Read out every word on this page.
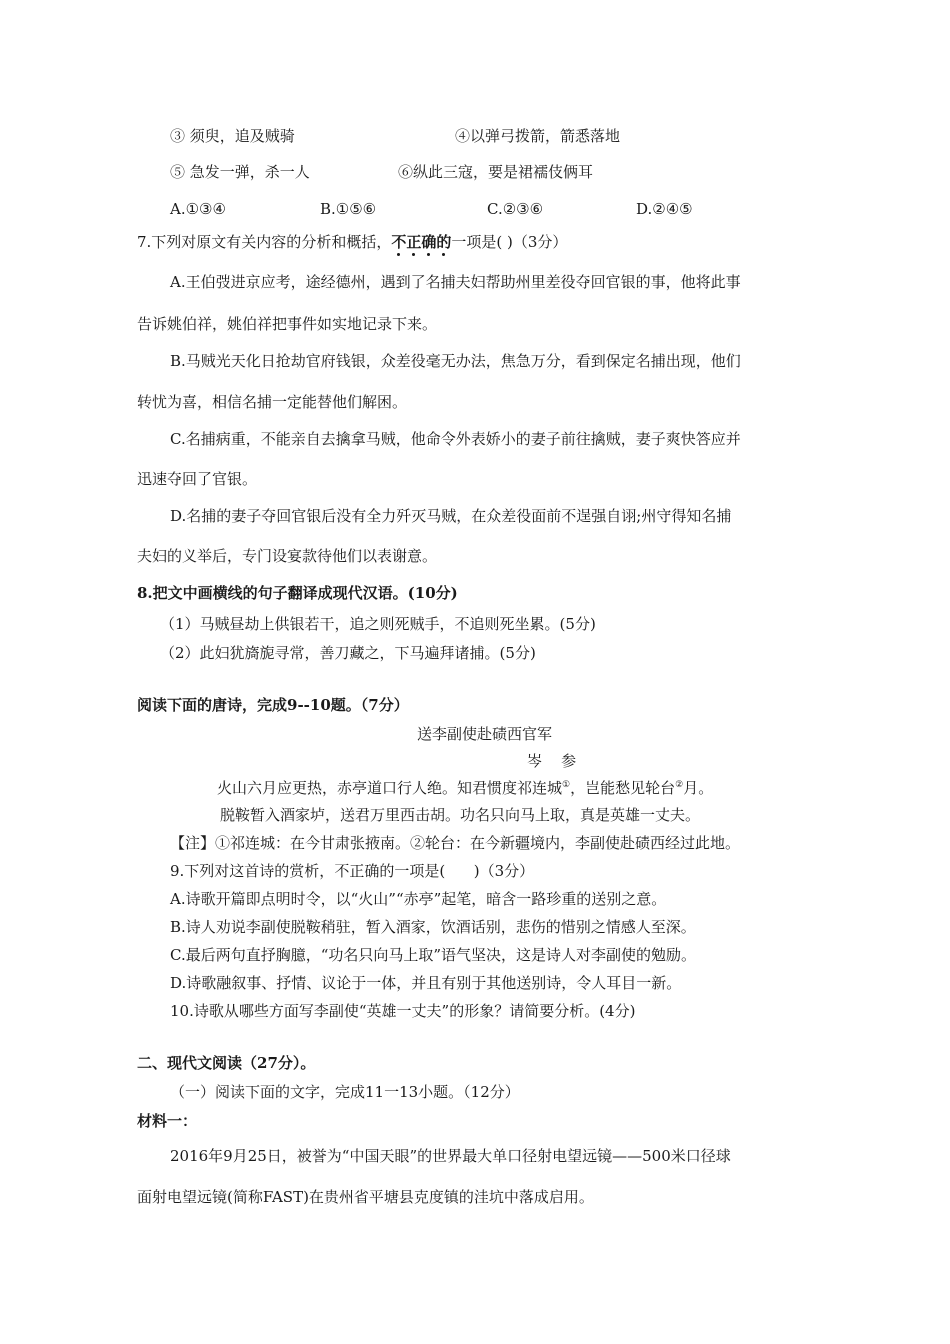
③ 须臾，追及贼骑	④以弹弓拨箭，箭悉落地
⑤ 急发一弹，杀一人	⑥纵此三寇，要是裙襦伎俩耳
A.①③④	B.①⑤⑥	C.②③⑥	D.②④⑤
7.下列对原文有关内容的分析和概括，不正确的一项是( )（3分）
A.王伯弢进京应考，途经德州，遇到了名捕夫妇帮助州里差役夺回官银的事，他将此事
告诉姚伯祥，姚伯祥把事件如实地记录下来。
B.马贼光天化日抢劫官府钱银，众差役毫无办法，焦急万分，看到保定名捕出现，他们
转忧为喜，相信名捕一定能替他们解困。
C.名捕病重，不能亲自去擒拿马贼，他命令外表娇小的妻子前往擒贼，妻子爽快答应并
迅速夺回了官银。
D.名捕的妻子夺回官银后没有全力歼灭马贼，在众差役面前不逞强自诩;州守得知名捕
夫妇的义举后，专门设宴款待他们以表谢意。
8.把文中画横线的句子翻译成现代汉语。(10分)
（1）马贼昼劫上供银若干，追之则死贼手，不追则死坐累。(5分)
（2）此妇犹旖旎寻常，善刀藏之，下马遍拜诸捕。(5分)
阅读下面的唐诗，完成9--10题。（7分）
送李副使赴碛西官军
岑    参
火山六月应更热，赤亭道口行人绝。知君惯度祁连城①，岂能愁见轮台②月。
脱鞍暂入酒家垆，送君万里西击胡。功名只向马上取，真是英雄一丈夫。
【注】①祁连城：在今甘肃张掖南。②轮台：在今新疆境内，李副使赴碛西经过此地。
9.下列对这首诗的赏析，不正确的一项是(      )（3分）
A.诗歌开篇即点明时令，以“火山”“赤亭”起笔，暗含一路珍重的送别之意。
B.诗人劝说李副使脱鞍稍驻，暂入酒家，饮酒话别，悲伤的惜别之情感人至深。
C.最后两句直抒胸臆，“功名只向马上取”语气坚决，这是诗人对李副使的勉励。
D.诗歌融叙事、抒情、议论于一体，并且有别于其他送别诗，令人耳目一新。
10.诗歌从哪些方面写李副使“英雄一丈夫”的形象？请简要分析。(4分)
二、现代文阅读（27分）。
（一）阅读下面的文字，完成11一13小题。（12分）
材料一：
2016年9月25日，被誉为“中国天眼”的世界最大单口径射电望远镜——500米口径球
面射电望远镜(简称FAST)在贵州省平塘县克度镇的洼坑中落成启用。
